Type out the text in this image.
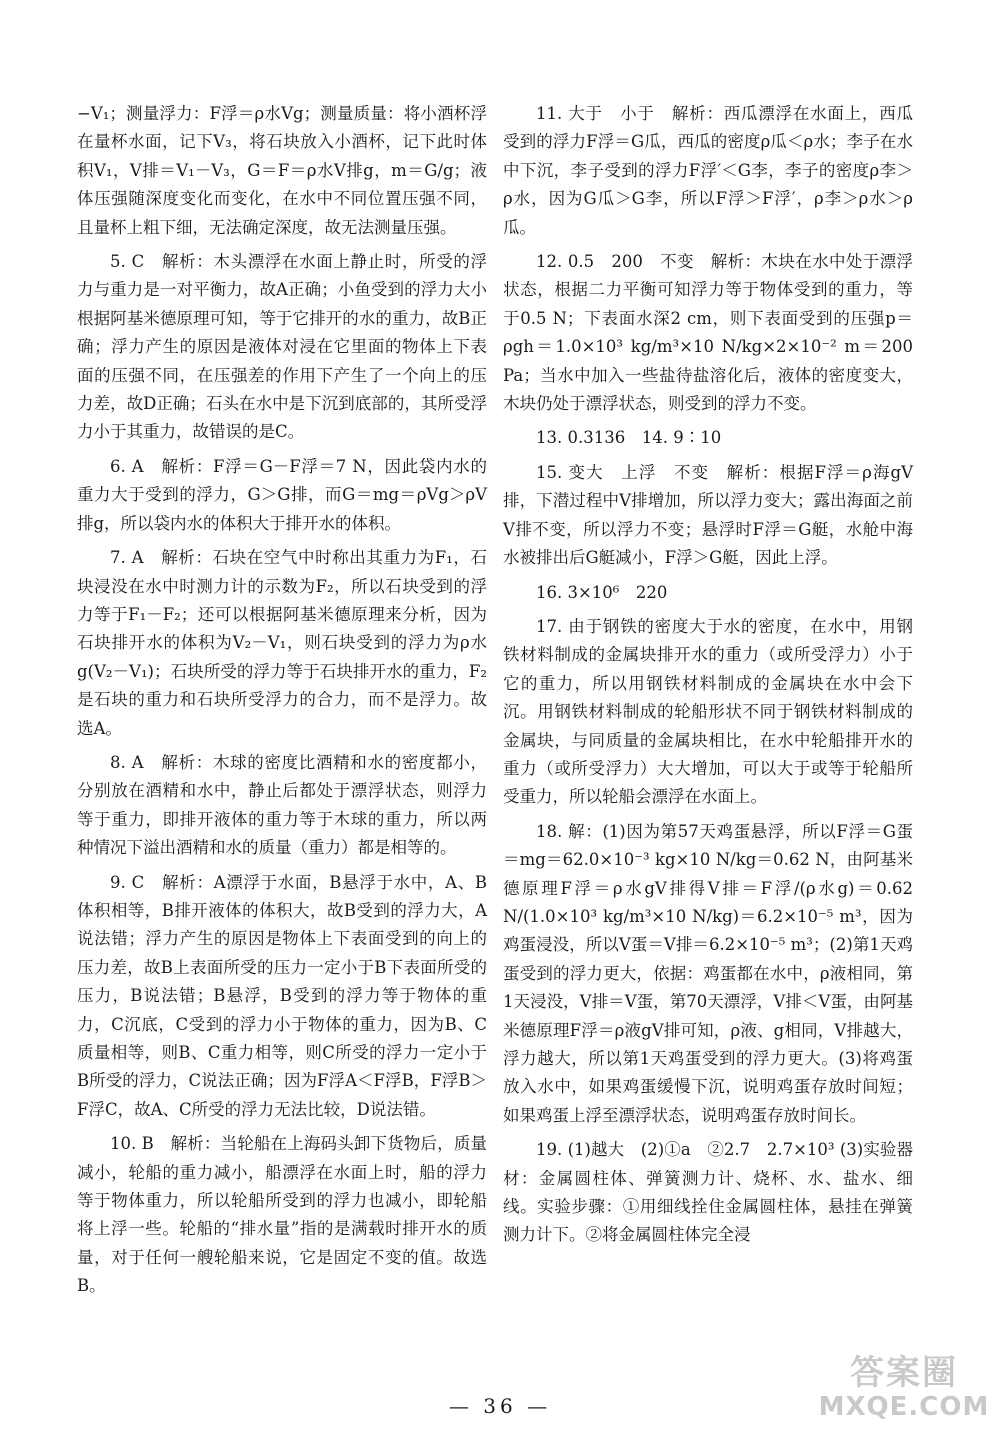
−V₁；测量浮力：F浮＝ρ水Vg；测量质量：将小酒杯浮在量杯水面，记下V₃，将石块放入小酒杯，记下此时体积V₁，V排＝V₁－V₃，G＝F＝ρ水V排g，m＝G/g；液体压强随深度变化而变化，在水中不同位置压强不同，且量杯上粗下细，无法确定深度，故无法测量压强。

5. C　解析：木头漂浮在水面上静止时，所受的浮力与重力是一对平衡力，故A正确；小鱼受到的浮力大小根据阿基米德原理可知，等于它排开的水的重力，故B正确；浮力产生的原因是液体对浸在它里面的物体上下表面的压强不同，在压强差的作用下产生了一个向上的压力差，故D正确；石头在水中是下沉到底部的，其所受浮力小于其重力，故错误的是C。

6. A　解析：F浮＝G－F浮＝7 N，因此袋内水的重力大于受到的浮力，G＞G排，而G＝mg＝ρVg＞ρV排g，所以袋内水的体积大于排开水的体积。

7. A　解析：石块在空气中时称出其重力为F₁，石块浸没在水中时测力计的示数为F₂，所以石块受到的浮力等于F₁－F₂；还可以根据阿基米德原理来分析，因为石块排开水的体积为V₂－V₁，则石块受到的浮力为ρ水g(V₂－V₁)；石块所受的浮力等于石块排开水的重力，F₂是石块的重力和石块所受浮力的合力，而不是浮力。故选A。

8. A　解析：木球的密度比酒精和水的密度都小，分别放在酒精和水中，静止后都处于漂浮状态，则浮力等于重力，即排开液体的重力等于木球的重力，所以两种情况下溢出酒精和水的质量（重力）都是相等的。

9. C　解析：A漂浮于水面，B悬浮于水中，A、B体积相等，B排开液体的体积大，故B受到的浮力大，A说法错；浮力产生的原因是物体上下表面受到的向上的压力差，故B上表面所受的压力一定小于B下表面所受的压力，B说法错；B悬浮，B受到的浮力等于物体的重力，C沉底，C受到的浮力小于物体的重力，因为B、C质量相等，则B、C重力相等，则C所受的浮力一定小于B所受的浮力，C说法正确；因为F浮A＜F浮B，F浮B＞F浮C，故A、C所受的浮力无法比较，D说法错。

10. B　解析：当轮船在上海码头卸下货物后，质量减小，轮船的重力减小，船漂浮在水面上时，船的浮力等于物体重力，所以轮船所受到的浮力也减小，即轮船将上浮一些。轮船的“排水量”指的是满载时排开水的质量，对于任何一艘轮船来说，它是固定不变的值。故选B。

11. 大于　小于　解析：西瓜漂浮在水面上，西瓜受到的浮力F浮＝G瓜，西瓜的密度ρ瓜＜ρ水；李子在水中下沉，李子受到的浮力F浮′＜G李，李子的密度ρ李＞ρ水，因为G瓜＞G李，所以F浮＞F浮′，ρ李＞ρ水＞ρ瓜。

12. 0.5　200　不变　解析：木块在水中处于漂浮状态，根据二力平衡可知浮力等于物体受到的重力，等于0.5 N；下表面水深2 cm，则下表面受到的压强p＝ρgh＝1.0×10³ kg/m³×10 N/kg×2×10⁻² m＝200 Pa；当水中加入一些盐待盐溶化后，液体的密度变大，木块仍处于漂浮状态，则受到的浮力不变。

13. 0.3136　14. 9∶10

15. 变大　上浮　不变　解析：根据F浮＝ρ海gV排，下潜过程中V排增加，所以浮力变大；露出海面之前V排不变，所以浮力不变；悬浮时F浮＝G艇，水舱中海水被排出后G艇减小，F浮＞G艇，因此上浮。

16. 3×10⁶　220

17. 由于钢铁的密度大于水的密度，在水中，用钢铁材料制成的金属块排开水的重力（或所受浮力）小于它的重力，所以用钢铁材料制成的金属块在水中会下沉。用钢铁材料制成的轮船形状不同于钢铁材料制成的金属块，与同质量的金属块相比，在水中轮船排开水的重力（或所受浮力）大大增加，可以大于或等于轮船所受重力，所以轮船会漂浮在水面上。

18. 解：(1)因为第57天鸡蛋悬浮，所以F浮＝G蛋＝mg＝62.0×10⁻³ kg×10 N/kg＝0.62 N，由阿基米德原理F浮＝ρ水gV排得V排＝F浮/(ρ水g)＝0.62 N/(1.0×10³ kg/m³×10 N/kg)＝6.2×10⁻⁵ m³，因为鸡蛋浸没，所以V蛋＝V排＝6.2×10⁻⁵ m³；(2)第1天鸡蛋受到的浮力更大，依据：鸡蛋都在水中，ρ液相同，第1天浸没，V排＝V蛋，第70天漂浮，V排＜V蛋，由阿基米德原理F浮＝ρ液gV排可知，ρ液、g相同，V排越大，浮力越大，所以第1天鸡蛋受到的浮力更大。(3)将鸡蛋放入水中，如果鸡蛋缓慢下沉，说明鸡蛋存放时间短；如果鸡蛋上浮至漂浮状态，说明鸡蛋存放时间长。

19. (1)越大　(2)①a　②2.7　2.7×10³ (3)实验器材：金属圆柱体、弹簧测力计、烧杯、水、盐水、细线。实验步骤：①用细线拴住金属圆柱体，悬挂在弹簧测力计下。②将金属圆柱体完全浸

— 36 —
答案圈
MXQE.COM
